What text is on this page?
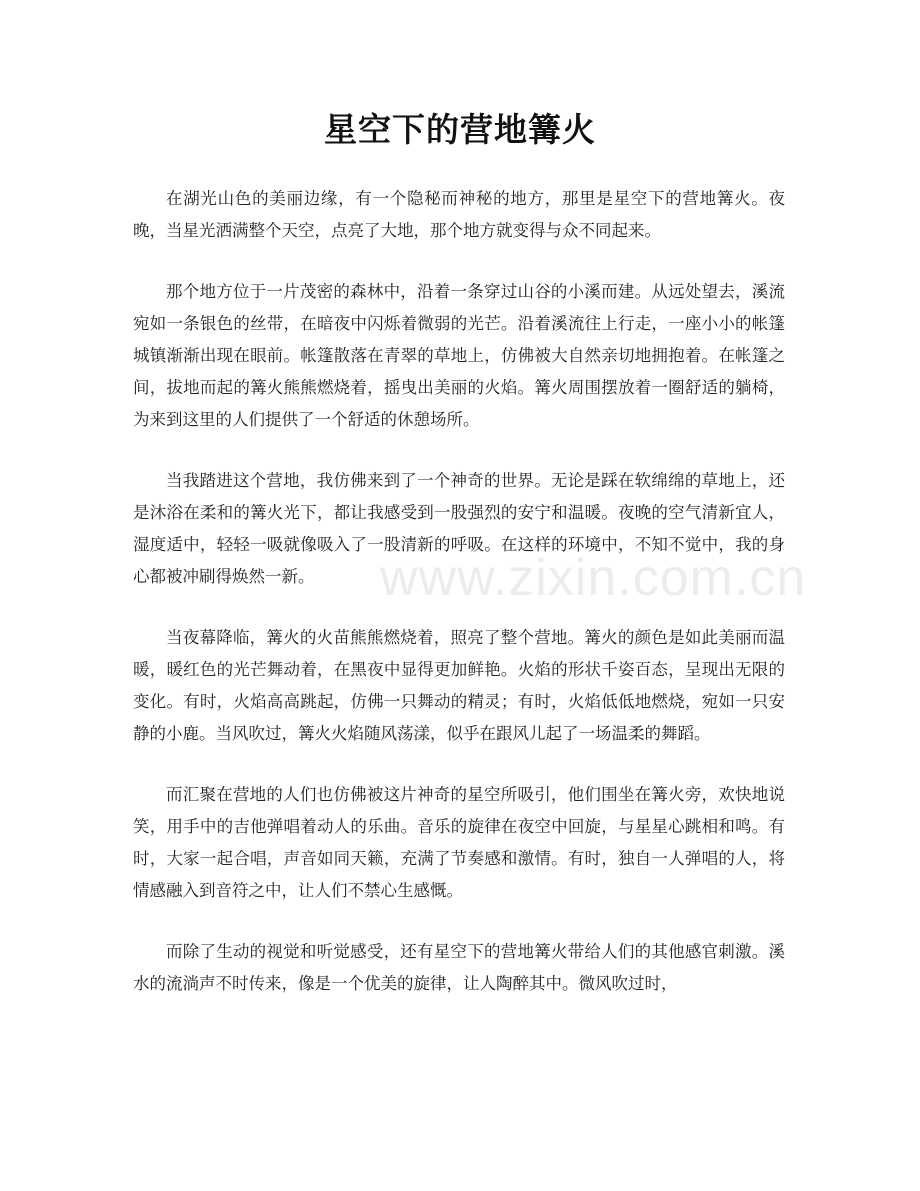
星空下的营地篝火

在湖光山色的美丽边缘，有一个隐秘而神秘的地方，那里是星空下的营地篝火。夜晚，当星光洒满整个天空，点亮了大地，那个地方就变得与众不同起来。

那个地方位于一片茂密的森林中，沿着一条穿过山谷的小溪而建。从远处望去，溪流宛如一条银色的丝带，在暗夜中闪烁着微弱的光芒。沿着溪流往上行走，一座小小的帐篷城镇渐渐出现在眼前。帐篷散落在青翠的草地上，仿佛被大自然亲切地拥抱着。在帐篷之间，拔地而起的篝火熊熊燃烧着，摇曳出美丽的火焰。篝火周围摆放着一圈舒适的躺椅，为来到这里的人们提供了一个舒适的休憩场所。

当我踏进这个营地，我仿佛来到了一个神奇的世界。无论是踩在软绵绵的草地上，还是沐浴在柔和的篝火光下，都让我感受到一股强烈的安宁和温暖。夜晚的空气清新宜人，湿度适中，轻轻一吸就像吸入了一股清新的呼吸。在这样的环境中，不知不觉中，我的身心都被冲刷得焕然一新。

当夜幕降临，篝火的火苗熊熊燃烧着，照亮了整个营地。篝火的颜色是如此美丽而温暖，暖红色的光芒舞动着，在黑夜中显得更加鲜艳。火焰的形状千姿百态，呈现出无限的变化。有时，火焰高高跳起，仿佛一只舞动的精灵；有时，火焰低低地燃烧，宛如一只安静的小鹿。当风吹过，篝火火焰随风荡漾，似乎在跟风儿起了一场温柔的舞蹈。

而汇聚在营地的人们也仿佛被这片神奇的星空所吸引，他们围坐在篝火旁，欢快地说笑，用手中的吉他弹唱着动人的乐曲。音乐的旋律在夜空中回旋，与星星心跳相和鸣。有时，大家一起合唱，声音如同天籁，充满了节奏感和激情。有时，独自一人弹唱的人，将情感融入到音符之中，让人们不禁心生感慨。

而除了生动的视觉和听觉感受，还有星空下的营地篝火带给人们的其他感官刺激。溪水的流淌声不时传来，像是一个优美的旋律，让人陶醉其中。微风吹过时，

www.zixin.com.cn
